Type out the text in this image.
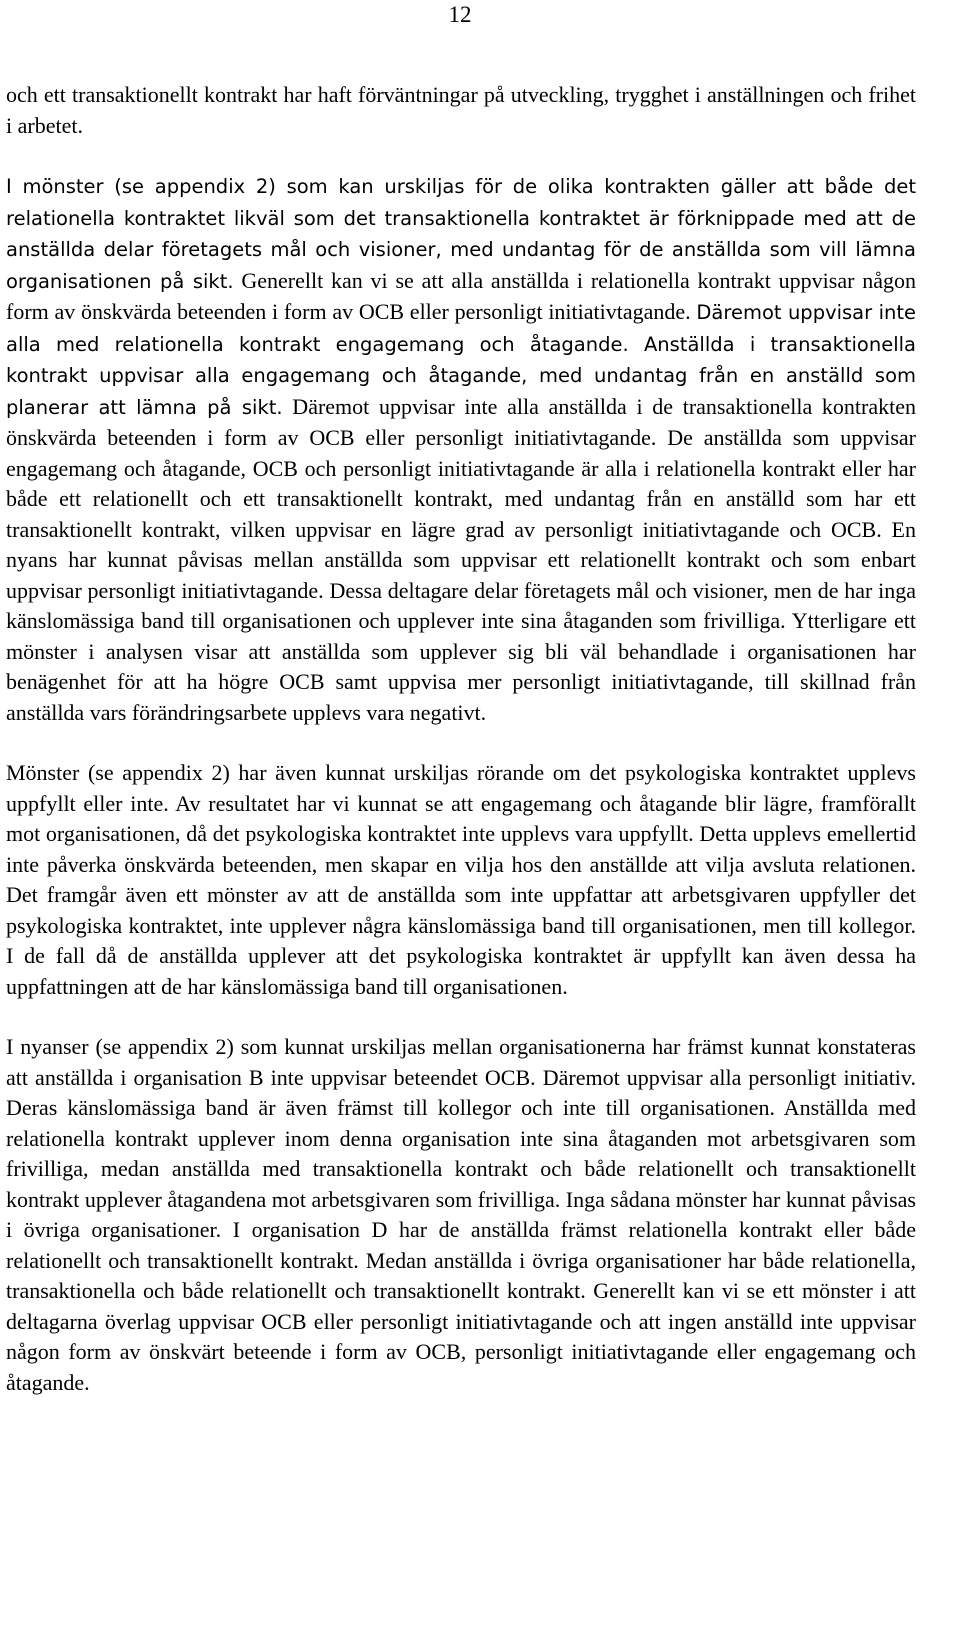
12

och ett transaktionellt kontrakt har haft förväntningar på utveckling, trygghet i anställningen och frihet i arbetet.

I mönster (se appendix 2) som kan urskiljas för de olika kontrakten gäller att både det relationella kontraktet likväl som det transaktionella kontraktet är förknippade med att de anställda delar företagets mål och visioner, med undantag för de anställda som vill lämna organisationen på sikt. Generellt kan vi se att alla anställda i relationella kontrakt uppvisar någon form av önskvärda beteenden i form av OCB eller personligt initiativtagande. Däremot uppvisar inte alla med relationella kontrakt engagemang och åtagande. Anställda i transaktionella kontrakt uppvisar alla engagemang och åtagande, med undantag från en anställd som planerar att lämna på sikt. Däremot uppvisar inte alla anställda i de transaktionella kontrakten önskvärda beteenden i form av OCB eller personligt initiativtagande. De anställda som uppvisar engagemang och åtagande, OCB och personligt initiativtagande är alla i relationella kontrakt eller har både ett relationellt och ett transaktionellt kontrakt, med undantag från en anställd som har ett transaktionellt kontrakt, vilken uppvisar en lägre grad av personligt initiativtagande och OCB. En nyans har kunnat påvisas mellan anställda som uppvisar ett relationellt kontrakt och som enbart uppvisar personligt initiativtagande. Dessa deltagare delar företagets mål och visioner, men de har inga känslomässiga band till organisationen och upplever inte sina åtaganden som frivilliga. Ytterligare ett mönster i analysen visar att anställda som upplever sig bli väl behandlade i organisationen har benägenhet för att ha högre OCB samt uppvisa mer personligt initiativtagande, till skillnad från anställda vars förändringsarbete upplevs vara negativt.

Mönster (se appendix 2) har även kunnat urskiljas rörande om det psykologiska kontraktet upplevs uppfyllt eller inte. Av resultatet har vi kunnat se att engagemang och åtagande blir lägre, framförallt mot organisationen, då det psykologiska kontraktet inte upplevs vara uppfyllt. Detta upplevs emellertid inte påverka önskvärda beteenden, men skapar en vilja hos den anställde att vilja avsluta relationen. Det framgår även ett mönster av att de anställda som inte uppfattar att arbetsgivaren uppfyller det psykologiska kontraktet, inte upplever några känslomässiga band till organisationen, men till kollegor. I de fall då de anställda upplever att det psykologiska kontraktet är uppfyllt kan även dessa ha uppfattningen att de har känslomässiga band till organisationen.

I nyanser (se appendix 2) som kunnat urskiljas mellan organisationerna har främst kunnat konstateras att anställda i organisation B inte uppvisar beteendet OCB. Däremot uppvisar alla personligt initiativ. Deras känslomässiga band är även främst till kollegor och inte till organisationen. Anställda med relationella kontrakt upplever inom denna organisation inte sina åtaganden mot arbetsgivaren som frivilliga, medan anställda med transaktionella kontrakt och både relationellt och transaktionellt kontrakt upplever åtagandena mot arbetsgivaren som frivilliga. Inga sådana mönster har kunnat påvisas i övriga organisationer. I organisation D har de anställda främst relationella kontrakt eller både relationellt och transaktionellt kontrakt. Medan anställda i övriga organisationer har både relationella, transaktionella och både relationellt och transaktionellt kontrakt. Generellt kan vi se ett mönster i att deltagarna överlag uppvisar OCB eller personligt initiativtagande och att ingen anställd inte uppvisar någon form av önskvärt beteende i form av OCB, personligt initiativtagande eller engagemang och åtagande.
